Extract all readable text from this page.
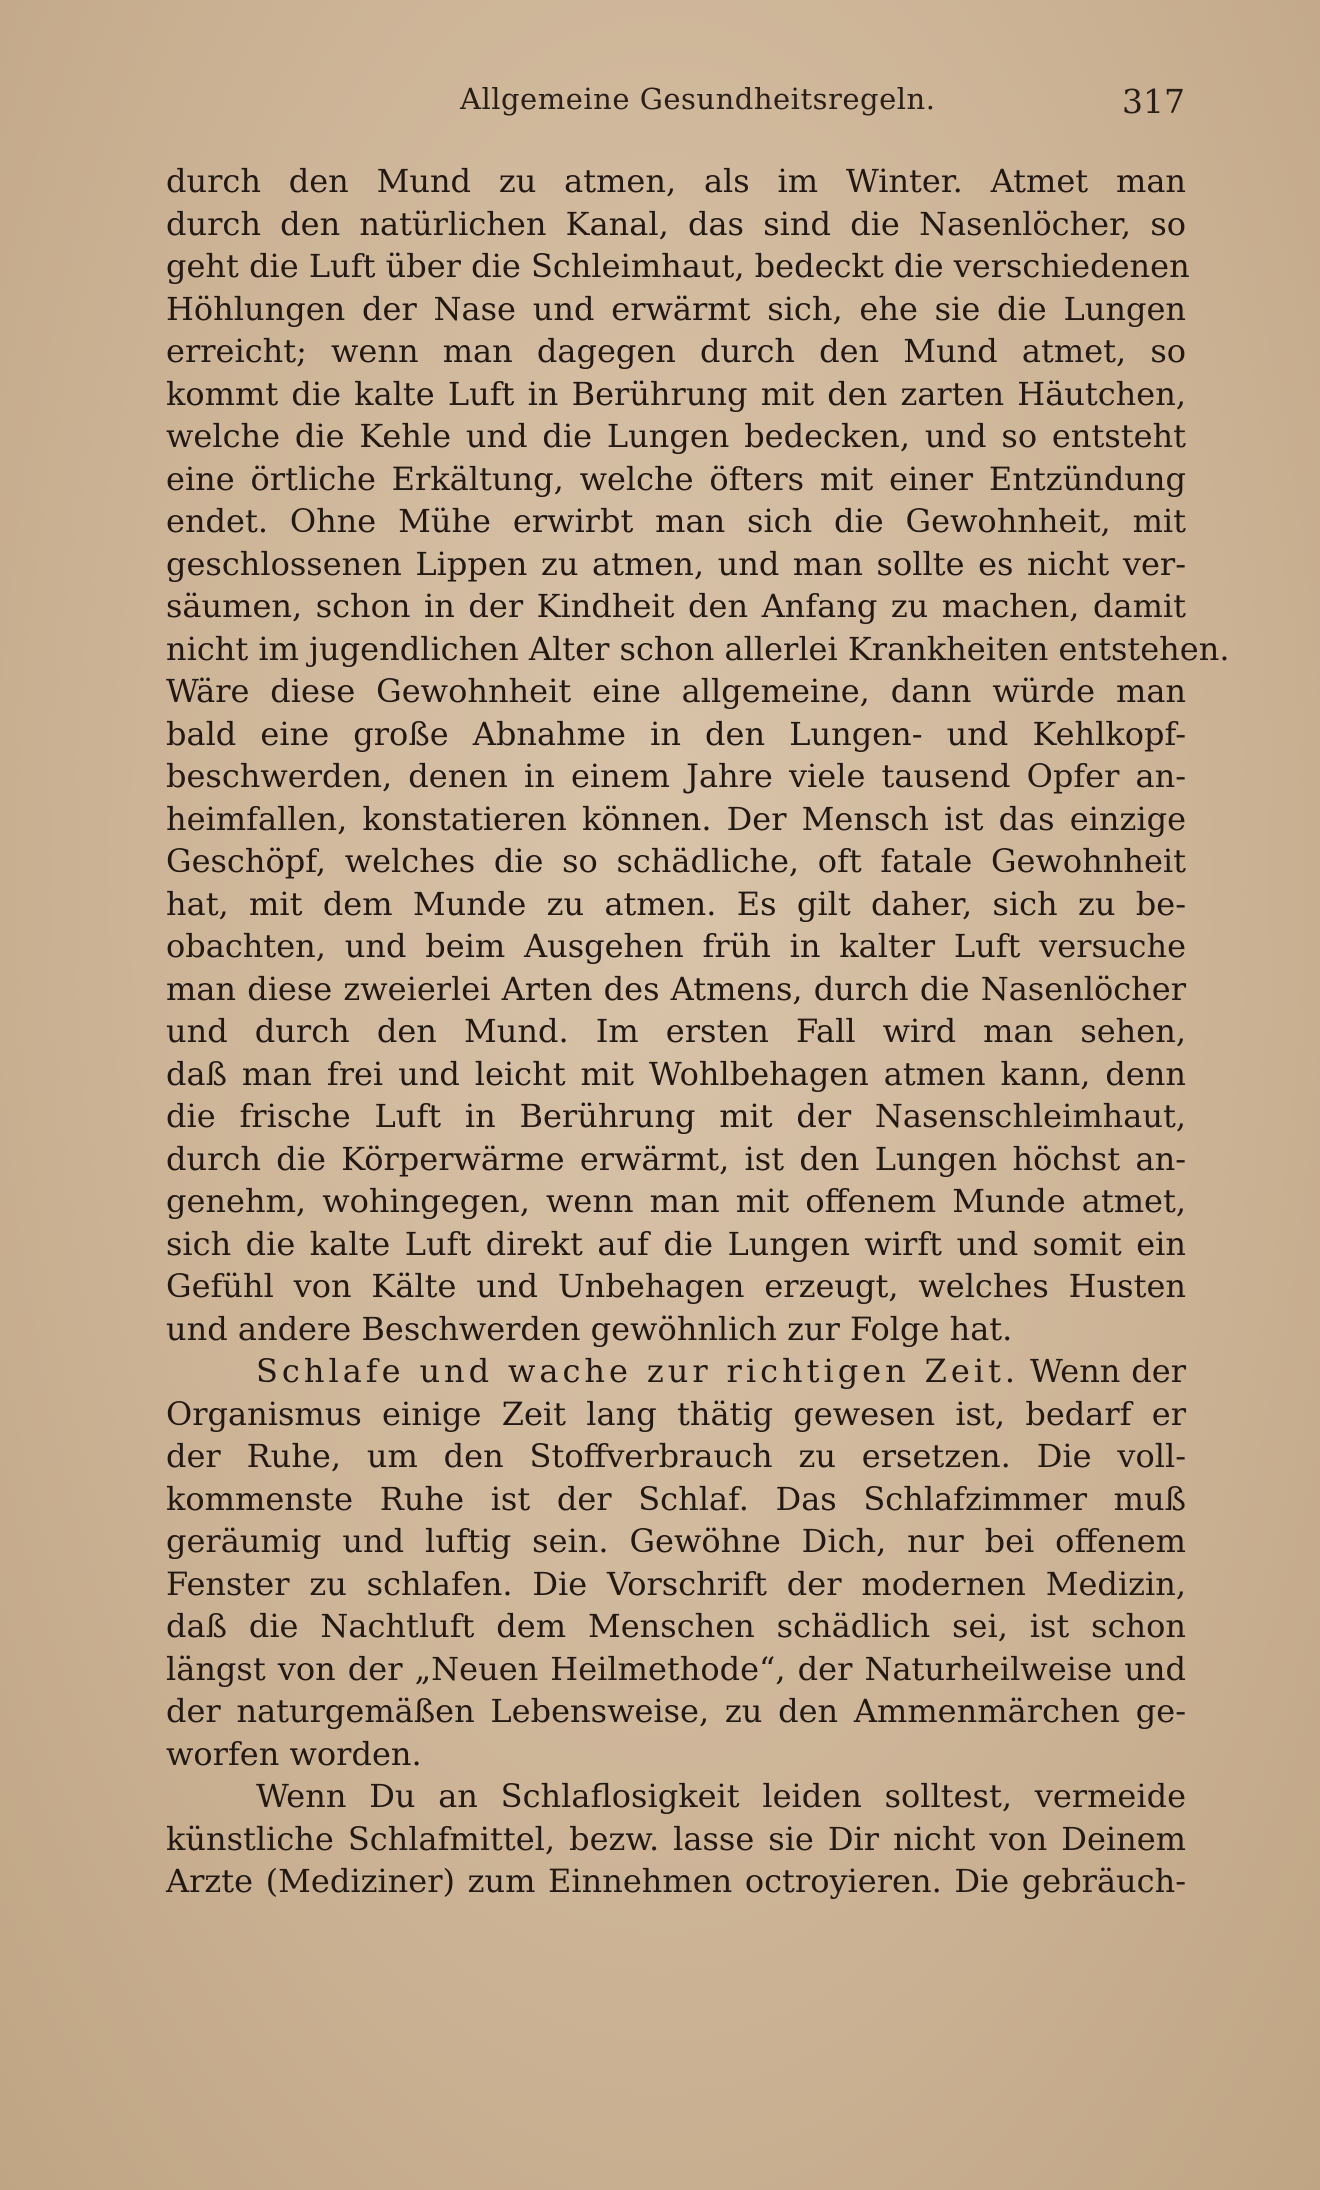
Allgemeine Gesundheitsregeln.	317
durch den Mund zu atmen, als im Winter. Atmet man
durch den natürlichen Kanal, das sind die Nasenlöcher, so
geht die Luft über die Schleimhaut, bedeckt die verschiedenen
Höhlungen der Nase und erwärmt sich, ehe sie die Lungen
erreicht; wenn man dagegen durch den Mund atmet, so
kommt die kalte Luft in Berührung mit den zarten Häutchen,
welche die Kehle und die Lungen bedecken, und so entsteht
eine örtliche Erkältung, welche öfters mit einer Entzündung
endet. Ohne Mühe erwirbt man sich die Gewohnheit, mit
geschlossenen Lippen zu atmen, und man sollte es nicht ver-
säumen, schon in der Kindheit den Anfang zu machen, damit
nicht im jugendlichen Alter schon allerlei Krankheiten entstehen.
Wäre diese Gewohnheit eine allgemeine, dann würde man
bald eine große Abnahme in den Lungen- und Kehlkopf-
beschwerden, denen in einem Jahre viele tausend Opfer an-
heimfallen, konstatieren können. Der Mensch ist das einzige
Geschöpf, welches die so schädliche, oft fatale Gewohnheit
hat, mit dem Munde zu atmen. Es gilt daher, sich zu be-
obachten, und beim Ausgehen früh in kalter Luft versuche
man diese zweierlei Arten des Atmens, durch die Nasenlöcher
und durch den Mund. Im ersten Fall wird man sehen,
daß man frei und leicht mit Wohlbehagen atmen kann, denn
die frische Luft in Berührung mit der Nasenschleimhaut,
durch die Körperwärme erwärmt, ist den Lungen höchst an-
genehm, wohingegen, wenn man mit offenem Munde atmet,
sich die kalte Luft direkt auf die Lungen wirft und somit ein
Gefühl von Kälte und Unbehagen erzeugt, welches Husten
und andere Beschwerden gewöhnlich zur Folge hat.
Schlafe und wache zur richtigen Zeit. Wenn der
Organismus einige Zeit lang thätig gewesen ist, bedarf er
der Ruhe, um den Stoffverbrauch zu ersetzen. Die voll-
kommenste Ruhe ist der Schlaf. Das Schlafzimmer muß
geräumig und luftig sein. Gewöhne Dich, nur bei offenem
Fenster zu schlafen. Die Vorschrift der modernen Medizin,
daß die Nachtluft dem Menschen schädlich sei, ist schon
längst von der „Neuen Heilmethode“, der Naturheilweise und
der naturgemäßen Lebensweise, zu den Ammenmärchen ge-
worfen worden.
Wenn Du an Schlaflosigkeit leiden solltest, vermeide
künstliche Schlafmittel, bezw. lasse sie Dir nicht von Deinem
Arzte (Mediziner) zum Einnehmen octroyieren. Die gebräuch-
